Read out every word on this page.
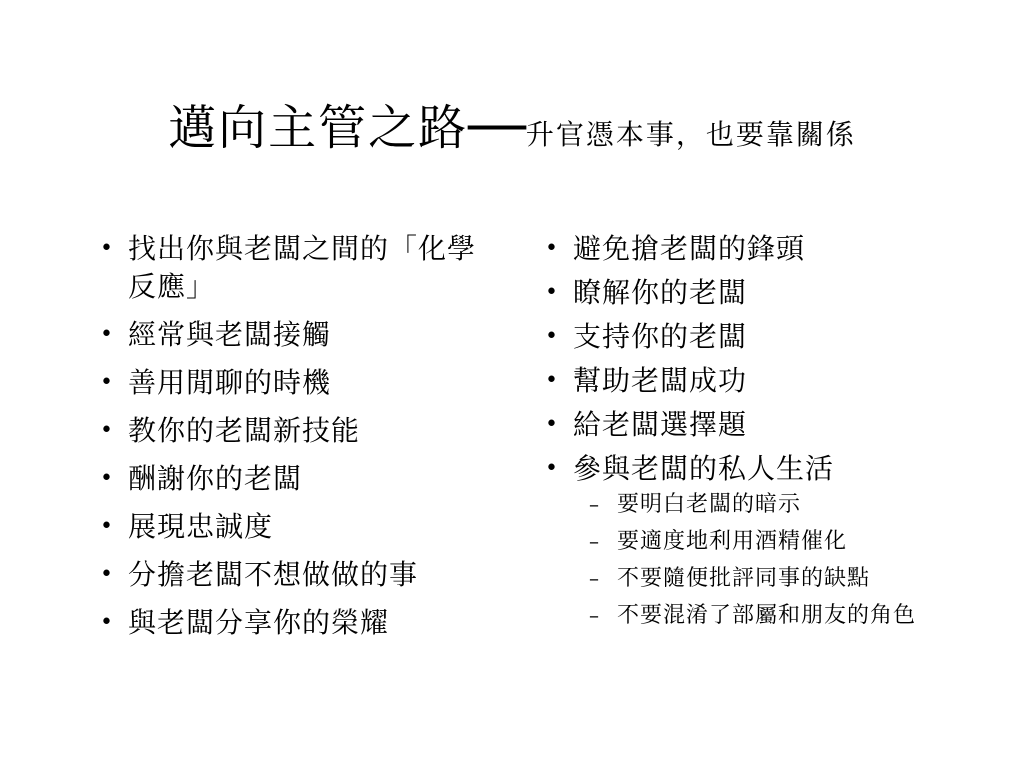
邁向主管之路──升官憑本事，也要靠關係
• 找出你與老闆之間的「化學反應」
• 經常與老闆接觸
• 善用閒聊的時機
• 教你的老闆新技能
• 酬謝你的老闆
• 展現忠誠度
• 分擔老闆不想做做的事
• 與老闆分享你的榮耀
• 避免搶老闆的鋒頭
• 瞭解你的老闆
• 支持你的老闆
• 幫助老闆成功
• 給老闆選擇題
• 參與老闆的私人生活
– 要明白老闆的暗示
– 要適度地利用酒精催化
– 不要隨便批評同事的缺點
– 不要混淆了部屬和朋友的角色
